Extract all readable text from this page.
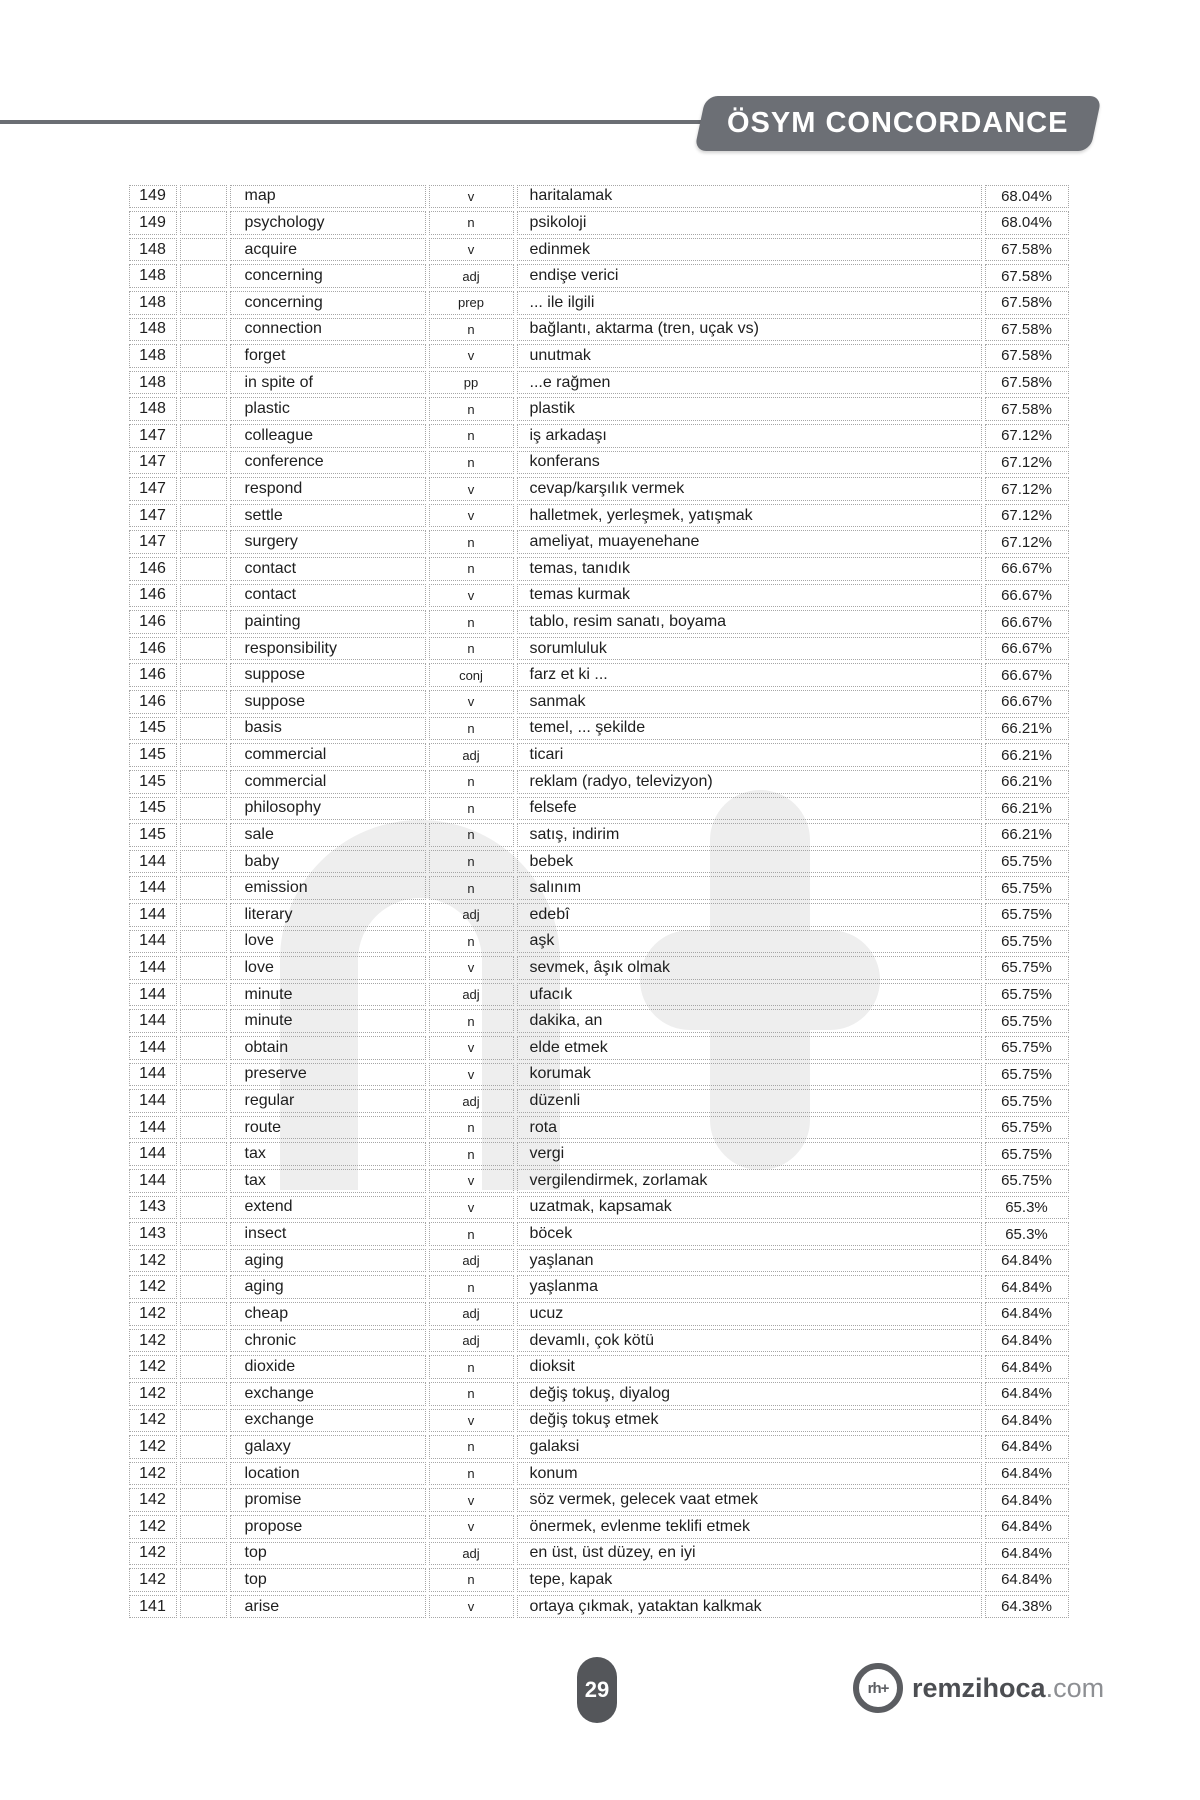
ÖSYM CONCORDANCE
149	map	v	haritalamak	68.04%
149	psychology	n	psikoloji	68.04%
148	acquire	v	edinmek	67.58%
148	concerning	adj	endişe verici	67.58%
148	concerning	prep	... ile ilgili	67.58%
148	connection	n	bağlantı, aktarma (tren, uçak vs)	67.58%
148	forget	v	unutmak	67.58%
148	in spite of	pp	...e rağmen	67.58%
148	plastic	n	plastik	67.58%
147	colleague	n	iş arkadaşı	67.12%
147	conference	n	konferans	67.12%
147	respond	v	cevap/karşılık vermek	67.12%
147	settle	v	halletmek, yerleşmek, yatışmak	67.12%
147	surgery	n	ameliyat, muayenehane	67.12%
146	contact	n	temas, tanıdık	66.67%
146	contact	v	temas kurmak	66.67%
146	painting	n	tablo, resim sanatı, boyama	66.67%
146	responsibility	n	sorumluluk	66.67%
146	suppose	conj	farz et ki ...	66.67%
146	suppose	v	sanmak	66.67%
145	basis	n	temel, ... şekilde	66.21%
145	commercial	adj	ticari	66.21%
145	commercial	n	reklam (radyo, televizyon)	66.21%
145	philosophy	n	felsefe	66.21%
145	sale	n	satış, indirim	66.21%
144	baby	n	bebek	65.75%
144	emission	n	salınım	65.75%
144	literary	adj	edebî	65.75%
144	love	n	aşk	65.75%
144	love	v	sevmek, âşık olmak	65.75%
144	minute	adj	ufacık	65.75%
144	minute	n	dakika, an	65.75%
144	obtain	v	elde etmek	65.75%
144	preserve	v	korumak	65.75%
144	regular	adj	düzenli	65.75%
144	route	n	rota	65.75%
144	tax	n	vergi	65.75%
144	tax	v	vergilendirmek, zorlamak	65.75%
143	extend	v	uzatmak, kapsamak	65.3%
143	insect	n	böcek	65.3%
142	aging	adj	yaşlanan	64.84%
142	aging	n	yaşlanma	64.84%
142	cheap	adj	ucuz	64.84%
142	chronic	adj	devamlı, çok kötü	64.84%
142	dioxide	n	dioksit	64.84%
142	exchange	n	değiş tokuş, diyalog	64.84%
142	exchange	v	değiş tokuş etmek	64.84%
142	galaxy	n	galaksi	64.84%
142	location	n	konum	64.84%
142	promise	v	söz vermek, gelecek vaat etmek	64.84%
142	propose	v	önermek, evlenme teklifi etmek	64.84%
142	top	adj	en üst, üst düzey, en iyi	64.84%
142	top	n	tepe, kapak	64.84%
141	arise	v	ortaya çıkmak, yataktan kalkmak	64.38%
29	rh+ remzihoca .com
